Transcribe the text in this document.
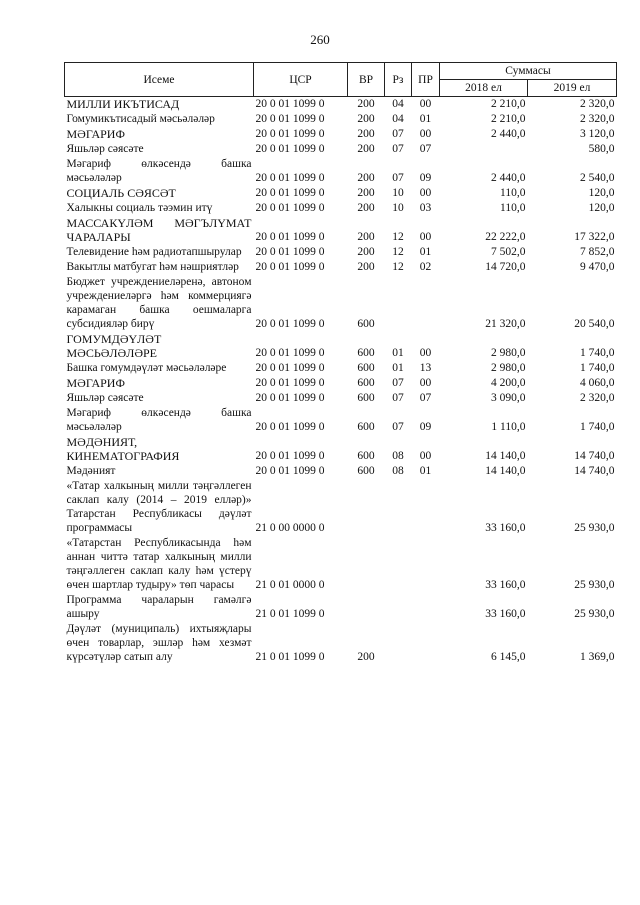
260
Исеме	ЦСР	ВР	Рз	ПР	Суммасы	
					2018 ел	2019 ел
МИЛЛИ ИКЪТИСАД	20 0 01 1099 0	200	04	00	2 210,0	2 320,0
Гомумикътисадый мәсьәләләр	20 0 01 1099 0	200	04	01	2 210,0	2 320,0
МӘГАРИФ	20 0 01 1099 0	200	07	00	2 440,0	3 120,0
Яшьләр сәясәте	20 0 01 1099 0	200	07	07		580,0
Мәгариф өлкәсендә башка мәсьәләләр	20 0 01 1099 0	200	07	09	2 440,0	2 540,0
СОЦИАЛЬ СӘЯСӘТ	20 0 01 1099 0	200	10	00	110,0	120,0
Халыкны социаль тәэмин итү	20 0 01 1099 0	200	10	03	110,0	120,0
МАССАКҮЛӘМ МӘГЪЛҮМАТ ЧАРАЛАРЫ	20 0 01 1099 0	200	12	00	22 222,0	17 322,0
Телевидение һәм радиотапшырулар	20 0 01 1099 0	200	12	01	7 502,0	7 852,0
Вакытлы матбугат һәм нәшриятләр	20 0 01 1099 0	200	12	02	14 720,0	9 470,0
Бюджет учреждениеләренә, автоном учреждениеләргә һәм коммерциягә карамаган башка оешмаларга субсидияләр бирү	20 0 01 1099 0	600			21 320,0	20 540,0
ГОМУМДӘҮЛӘТ МӘСЬӘЛӘЛӘРЕ	20 0 01 1099 0	600	01	00	2 980,0	1 740,0
Башка гомумдәүләт мәсьәләләре	20 0 01 1099 0	600	01	13	2 980,0	1 740,0
МӘГАРИФ	20 0 01 1099 0	600	07	00	4 200,0	4 060,0
Яшьләр сәясәте	20 0 01 1099 0	600	07	07	3 090,0	2 320,0
Мәгариф өлкәсендә башка мәсьәләләр	20 0 01 1099 0	600	07	09	1 110,0	1 740,0
МӘДӘНИЯТ, КИНЕМАТОГРАФИЯ	20 0 01 1099 0	600	08	00	14 140,0	14 740,0
Мәдәният	20 0 01 1099 0	600	08	01	14 140,0	14 740,0
«Татар халкының милли тәңгәллеген саклап калу (2014 – 2019 елләр)» Татарстан Республикасы дәүләт программасы	21 0 00 0000 0				33 160,0	25 930,0
«Татарстан Республикасында һәм аннан читтә татар халкының милли тәңгәллеген саклап калу һәм үстерү өчен шартлар тудыру» төп чарасы	21 0 01 0000 0				33 160,0	25 930,0
Программа чараларын гамәлгә ашыру	21 0 01 1099 0				33 160,0	25 930,0
Дәүләт (муниципаль) ихтыяҗлары өчен товарлар, эшләр һәм хезмәт күрсәтүләр сатып алу	21 0 01 1099 0	200			6 145,0	1 369,0
